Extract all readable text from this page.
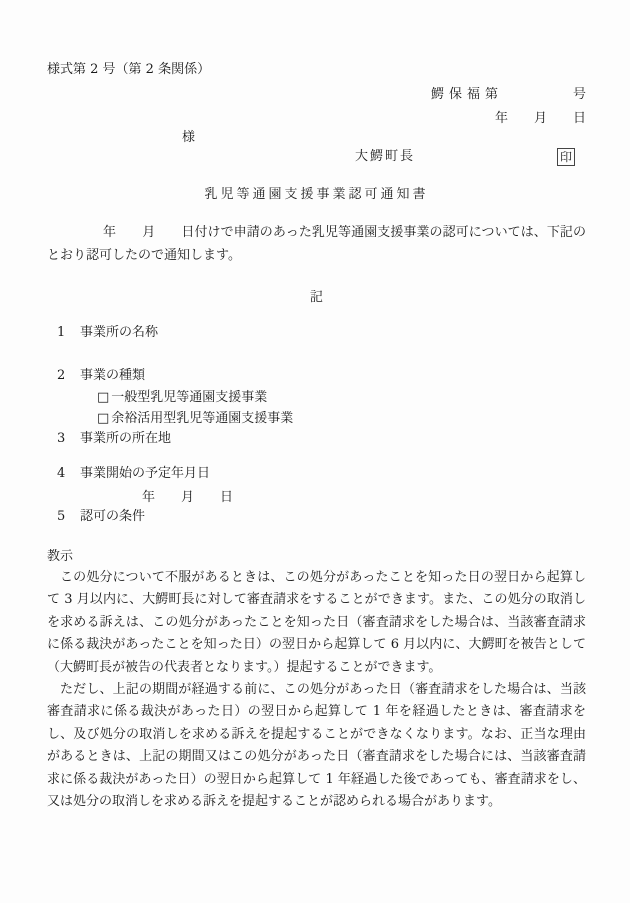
様式第 2 号（第 2 条関係）
鰐保福第	号
年　　月　　日
様
大鰐町長	印
乳児等通園支援事業認可通知書
年　　月　　日付けで申請のあった乳児等通園支援事業の認可については、下記のとおり認可したので通知します。
記
1 事業所の名称
2 事業の種類
□ 一般型乳児等通園支援事業
□ 余裕活用型乳児等通園支援事業
3 事業所の所在地
4 事業開始の予定年月日
年　　月　　日
5 認可の条件
教示

この処分について不服があるときは、この処分があったことを知った日の翌日から起算して 3 月以内に、大鰐町長に対して審査請求をすることができます。また、この処分の取消しを求める訴えは、この処分があったことを知った日（審査請求をした場合は、当該審査請求に係る裁決があったことを知った日）の翌日から起算して 6 月以内に、大鰐町を被告として（大鰐町長が被告の代表者となります。）提起することができます。

ただし、上記の期間が経過する前に、この処分があった日（審査請求をした場合は、当該審査請求に係る裁決があった日）の翌日から起算して 1 年を経過したときは、審査請求をし、及び処分の取消しを求める訴えを提起することができなくなります。なお、正当な理由があるときは、上記の期間又はこの処分があった日（審査請求をした場合には、当該審査請求に係る裁決があった日）の翌日から起算して 1 年経過した後であっても、審査請求をし、又は処分の取消しを求める訴えを提起することが認められる場合があります。
